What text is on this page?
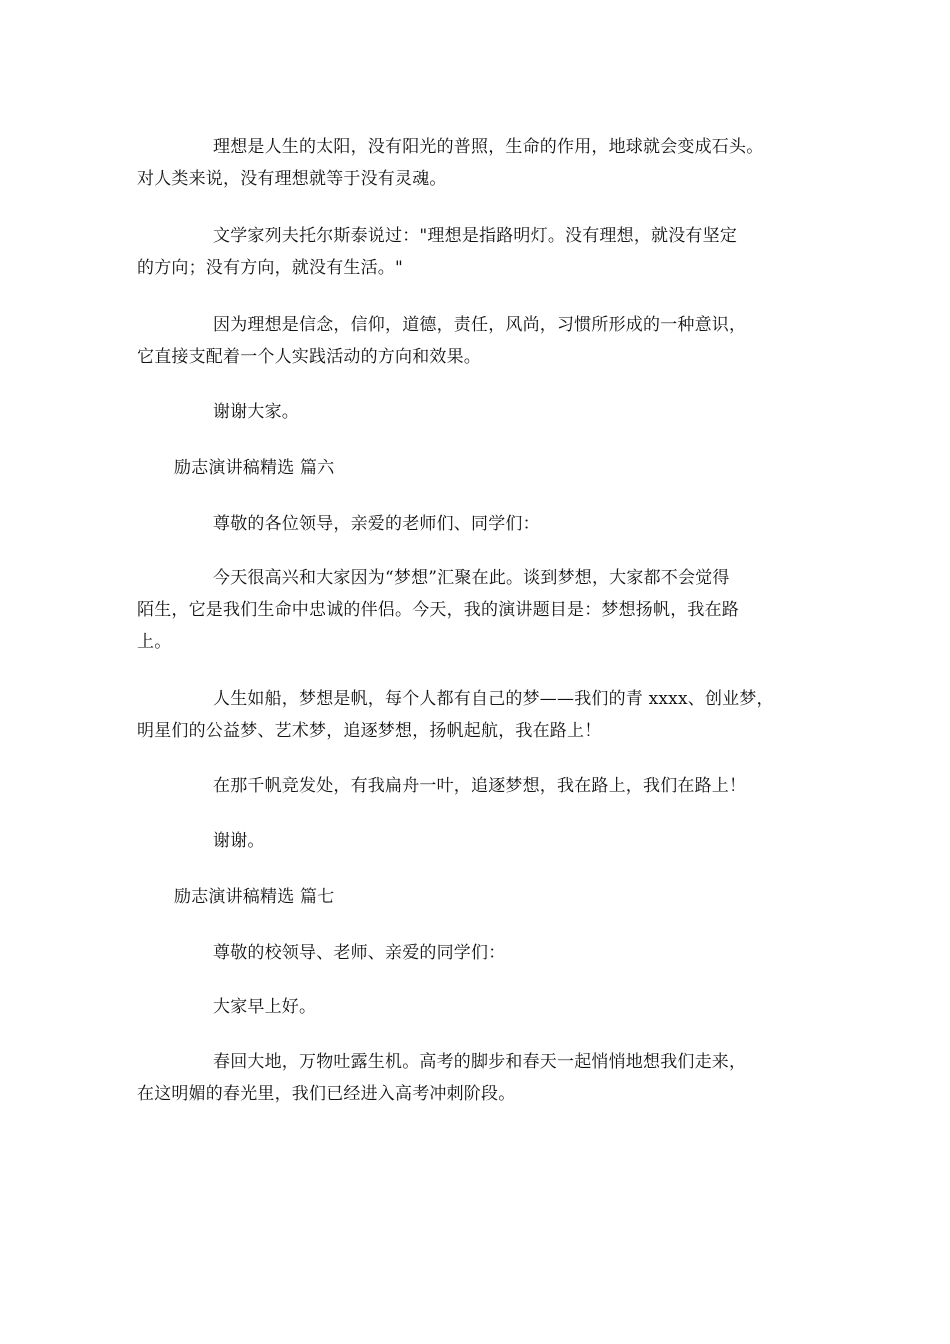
理想是人生的太阳，没有阳光的普照，生命的作用，地球就会变成石头。
对人类来说，没有理想就等于没有灵魂。

文学家列夫托尔斯泰说过："理想是指路明灯。没有理想，就没有坚定
的方向；没有方向，就没有生活。"

因为理想是信念，信仰，道德，责任，风尚，习惯所形成的一种意识，
它直接支配着一个人实践活动的方向和效果。

谢谢大家。

励志演讲稿精选 篇六

尊敬的各位领导，亲爱的老师们、同学们：

今天很高兴和大家因为“梦想”汇聚在此。谈到梦想，大家都不会觉得
陌生，它是我们生命中忠诚的伴侣。今天，我的演讲题目是：梦想扬帆，我在路
上。

人生如船，梦想是帆，每个人都有自己的梦——我们的青 xxxx、创业梦，
明星们的公益梦、艺术梦，追逐梦想，扬帆起航，我在路上！

在那千帆竞发处，有我扁舟一叶，追逐梦想，我在路上，我们在路上！

谢谢。

励志演讲稿精选 篇七

尊敬的校领导、老师、亲爱的同学们：

大家早上好。

春回大地，万物吐露生机。高考的脚步和春天一起悄悄地想我们走来，
在这明媚的春光里，我们已经进入高考冲刺阶段。
